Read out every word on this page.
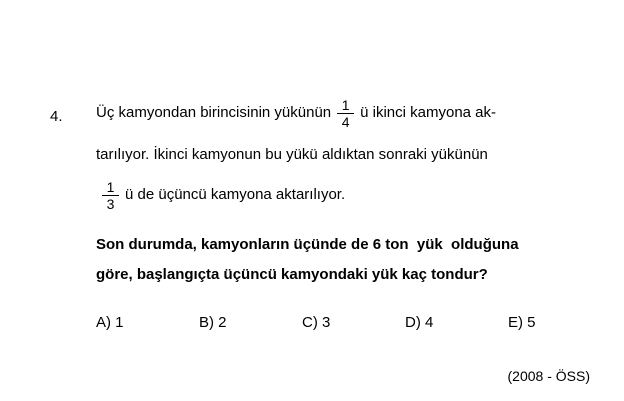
4.	Üç kamyondan birincisinin yükünün $\frac{1}{4}$ ü ikinci kamyona ak-
tarılıyor. İkinci kamyonun bu yükü aldıktan sonraki yükünün
$\frac{1}{3}$ ü de üçüncü kamyona aktarılıyor.
Son durumda, kamyonların üçünde de 6 ton  yük  olduğuna
göre, başlangıçta üçüncü kamyondaki yük kaç tondur?
A) 1	B) 2	C) 3	D) 4	E) 5
(2008 - ÖSS)
